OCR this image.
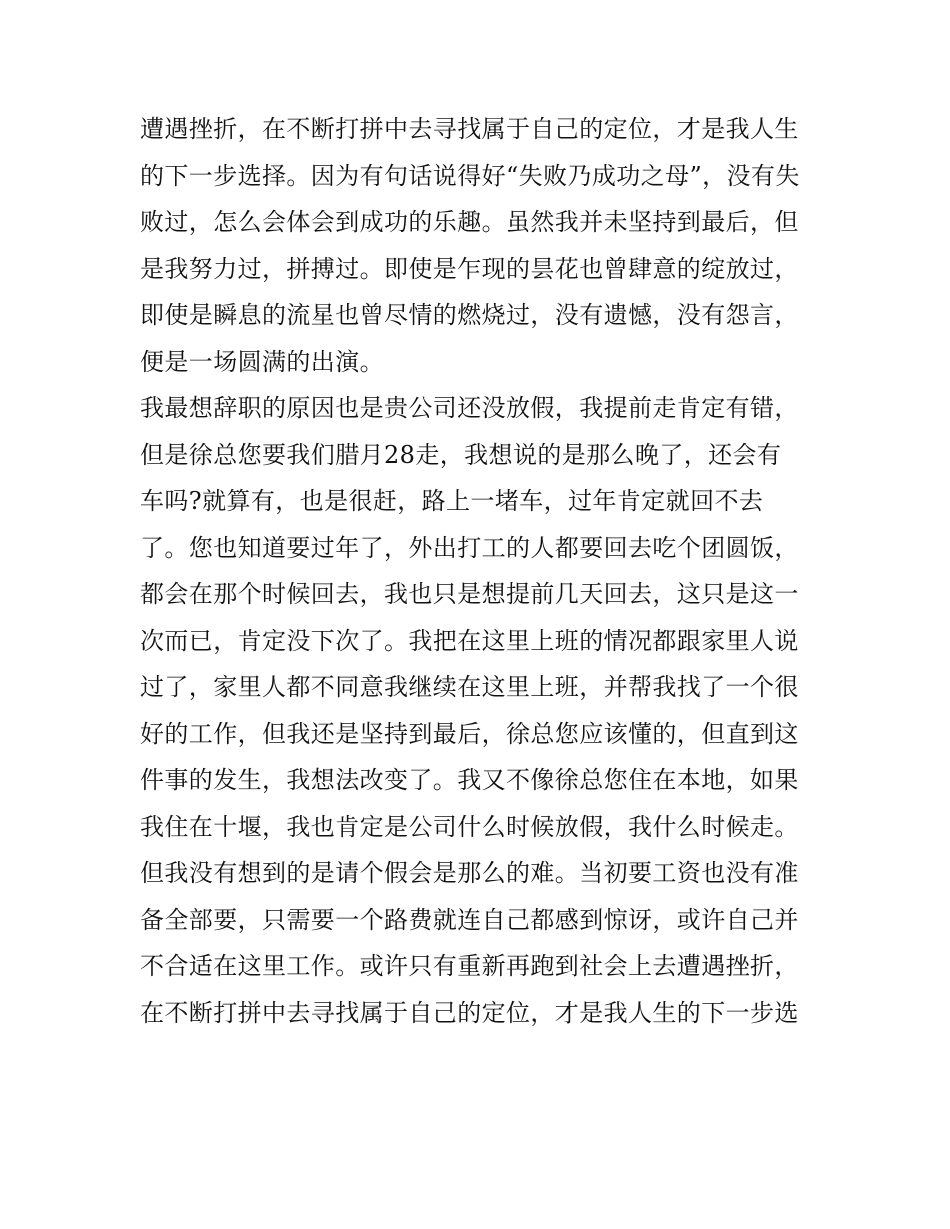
遭遇挫折，在不断打拼中去寻找属于自己的定位，才是我人生
的下一步选择。因为有句话说得好“失败乃成功之母”，没有失
败过，怎么会体会到成功的乐趣。虽然我并未坚持到最后，但
是我努力过，拼搏过。即使是乍现的昙花也曾肆意的绽放过，
即使是瞬息的流星也曾尽情的燃烧过，没有遗憾，没有怨言，
便是一场圆满的出演。
我最想辞职的原因也是贵公司还没放假，我提前走肯定有错，
但是徐总您要我们腊月28走，我想说的是那么晚了，还会有
车吗?就算有，也是很赶，路上一堵车，过年肯定就回不去
了。您也知道要过年了，外出打工的人都要回去吃个团圆饭，
都会在那个时候回去，我也只是想提前几天回去，这只是这一
次而已，肯定没下次了。我把在这里上班的情况都跟家里人说
过了，家里人都不同意我继续在这里上班，并帮我找了一个很
好的工作，但我还是坚持到最后，徐总您应该懂的，但直到这
件事的发生，我想法改变了。我又不像徐总您住在本地，如果
我住在十堰，我也肯定是公司什么时候放假，我什么时候走。
但我没有想到的是请个假会是那么的难。当初要工资也没有准
备全部要，只需要一个路费就连自己都感到惊讶，或许自己并
不合适在这里工作。或许只有重新再跑到社会上去遭遇挫折，
在不断打拼中去寻找属于自己的定位，才是我人生的下一步选
